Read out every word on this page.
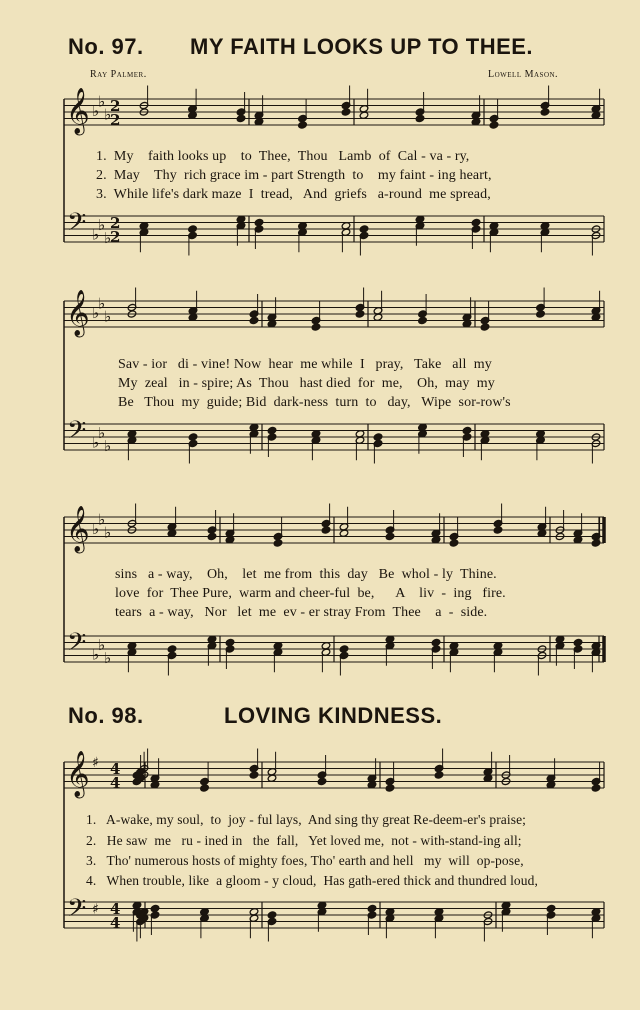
𝄞
𝄢
♭
♭
♭
♭
♭
♭
2
2
2
2
𝄞
𝄢
♭
♭
♭
♭
♭
♭
𝄞
𝄢
♭
♭
♭
♭
♭
♭
𝄞
𝄢
♯
♯
4
4
4
4
No. 97. MY FAITH LOOKS UP TO THEE.
Ray Palmer.	Lowell Mason.
1.  My    faith looks up    to  Thee,  Thou   Lamb  of  Cal - va - ry,
2.  May    Thy  rich grace im - part Strength  to    my faint - ing heart,
3.  While life's dark maze  I  tread,   And  griefs   a-round  me spread,
Sav - ior   di - vine! Now  hear  me while  I   pray,   Take   all  my
My  zeal   in - spire; As  Thou   hast died  for  me,    Oh,  may  my
Be   Thou  my  guide; Bid  dark-ness  turn  to   day,   Wipe  sor-row's
sins   a - way,    Oh,    let  me from  this  day   Be  whol - ly  Thine.
love  for  Thee Pure,  warm and cheer-ful  be,      A    liv  -  ing   fire.
tears  a - way,   Nor   let  me  ev - er stray From  Thee    a  -  side.
No. 98.	LOVING KINDNESS.
1.   A-wake, my soul,  to  joy - ful lays,  And sing thy great Re-deem-er's praise;
2.   He saw  me   ru - ined in   the  fall,   Yet loved me,  not - with-stand-ing all;
3.   Tho' numerous hosts of mighty foes, Tho' earth and hell   my  will  op-pose,
4.   When trouble, like  a gloom - y cloud,  Has gath-ered thick and thundred loud,
